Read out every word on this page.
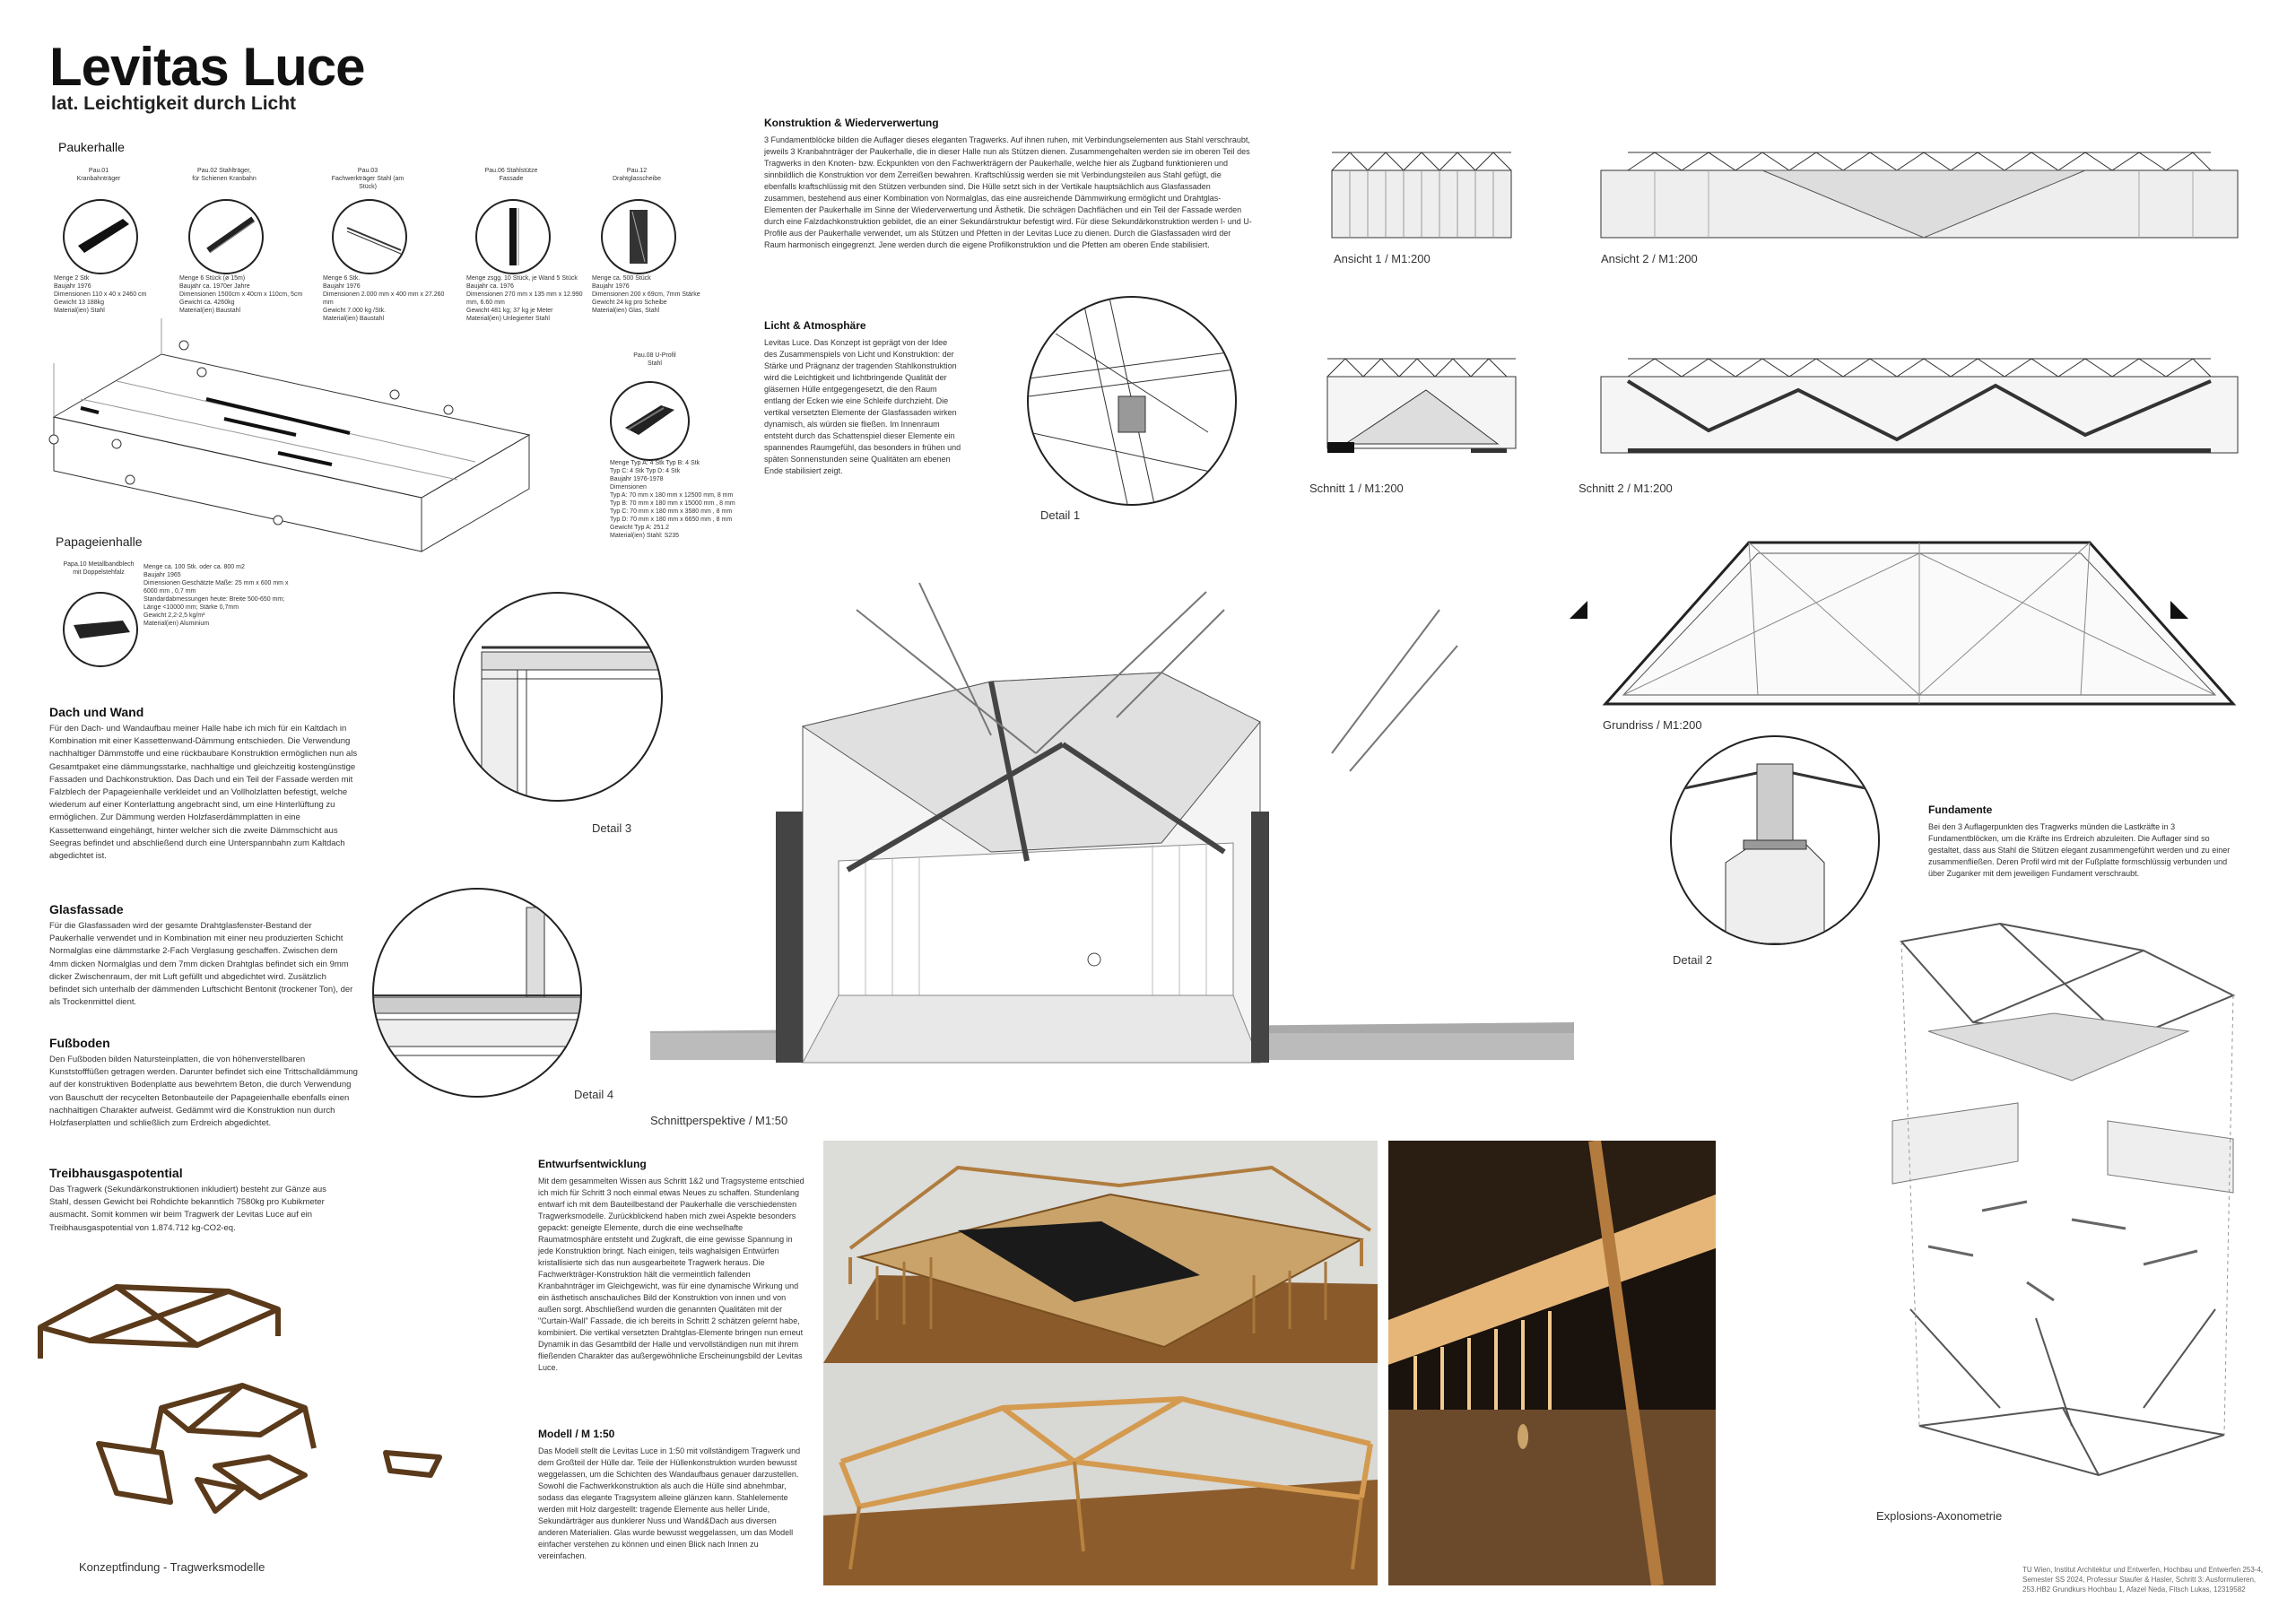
Levitas Luce
lat. Leichtigkeit durch Licht
Paukerhalle
Pau.01
Kranbahnträger
Menge 2 Stk
Baujahr 1976
Dimensionen 110 x 40 x 2460 cm
Gewicht 13 188kg
Material(ien) Stahl
Pau.02 Stahlträger,
für Schienen Kranbahn
Menge 6 Stück (ø 15m)
Baujahr ca. 1970er Jahre
Dimensionen 1500cm x 40cm x 110cm, 5cm
Gewicht ca. 4260kg
Material(ien) Baustahl
Pau.03
Fachwerkträger Stahl (am Stück)
Menge 6 Stk.
Baujahr 1976
Dimensionen 2.000 mm x 400 mm x 27.260 mm
Gewicht 7.000 kg /Stk.
Material(ien) Baustahl
Pau.06 Stahlstütze
Fassade
Menge zsgg. 10 Stück, je Wand 5 Stück
Baujahr ca. 1976
Dimensionen 270 mm x 135 mm x 12.990 mm, 6.60 mm
Gewicht 481 kg; 37 kg je Meter
Material(ien) Unlegierter Stahl
Pau.12
Drahtglasscheibe
Menge ca. 500 Stück
Baujahr 1976
Dimensionen 200 x 69cm, 7mm Stärke
Gewicht 24 kg pro Scheibe
Material(ien) Glas, Stahl
Pau.08 U-Profil
Stahl
Menge Typ A: 4 Stk Typ B: 4 Stk
Typ C: 4 Stk Typ D: 4 Stk
Baujahr 1976-1978
Dimensionen
Typ A: 70 mm x 180 mm x 12500 mm, 8 mm
Typ B: 70 mm x 180 mm x 15000 mm , 8 mm
Typ C: 70 mm x 180 mm x 3580 mm , 8 mm
Typ D: 70 mm x 180 mm x 6650 mm , 8 mm
Gewicht Typ A: 251.2
Material(ien) Stahl: S235
Papageienhalle
Papa.10 Metallbandblech
mit Doppelstehfalz
Menge ca. 100 Stk. oder ca. 800 m2
Baujahr 1965
Dimensionen Geschätzte Maße: 25 mm x 600 mm x
6000 mm , 0,7 mm
Standardabmessungen heute: Breite 500-650 mm;
Länge <10000 mm; Stärke 0,7mm
Gewicht 2,2-2,5 kg/m²
Material(ien) Aluminium
Dach und Wand
Für den Dach- und Wandaufbau meiner Halle habe ich mich für ein Kaltdach in Kombination mit einer Kassettenwand-Dämmung entschieden. Die Verwendung nachhaltiger Dämmstoffe und eine rückbaubare Konstruktion ermöglichen nun als Gesamtpaket eine dämmungsstarke, nachhaltige und gleichzeitig kostengünstige Fassaden und Dachkonstruktion. Das Dach und ein Teil der Fassade werden mit Falzblech der Papageienhalle verkleidet und an Vollholzlatten befestigt, welche wiederum auf einer Konterlattung angebracht sind, um eine Hinterlüftung zu ermöglichen. Zur Dämmung werden Holzfaserdämmplatten in eine Kassettenwand eingehängt, hinter welcher sich die zweite Dämmschicht aus Seegras befindet und abschließend durch eine Unterspannbahn zum Kaltdach abgedichtet ist.
Glasfassade
Für die Glasfassaden wird der gesamte Drahtglasfenster-Bestand der Paukerhalle verwendet und in Kombination mit einer neu produzierten Schicht Normalglas eine dämmstarke 2-Fach Verglasung geschaffen. Zwischen dem 4mm dicken Normalglas und dem 7mm dicken Drahtglas befindet sich ein 9mm dicker Zwischenraum, der mit Luft gefüllt und abgedichtet wird. Zusätzlich befindet sich unterhalb der dämmenden Luftschicht Bentonit (trockener Ton), der als Trockenmittel dient.
Fußboden
Den Fußboden bilden Natursteinplatten, die von höhenverstellbaren Kunststofffüßen getragen werden. Darunter befindet sich eine Trittschalldämmung auf der konstruktiven Bodenplatte aus bewehrtem Beton, die durch Verwendung von Bauschutt der recycelten Betonbauteile der Papageienhalle ebenfalls einen nachhaltigen Charakter aufweist. Gedämmt wird die Konstruktion nun durch Holzfaserplatten und schließlich zum Erdreich abgedichtet.
Treibhausgaspotential
Das Tragwerk (Sekundärkonstruktionen inkludiert) besteht zur Gänze aus Stahl, dessen Gewicht bei Rohdichte bekanntlich 7580kg pro Kubikmeter ausmacht. Somit kommen wir beim Tragwerk der Levitas Luce auf ein Treibhausgaspotential von 1.874.712 kg-CO2-eq.
Konzeptfindung - Tragwerksmodelle
Konstruktion & Wiederverwertung
3 Fundamentblöcke bilden die Auflager dieses eleganten Tragwerks. Auf ihnen ruhen, mit Verbindungselementen aus Stahl verschraubt, jeweils 3 Kranbahnträger der Paukerhalle, die in dieser Halle nun als Stützen dienen. Zusammengehalten werden sie im oberen Teil des Tragwerks in den Knoten- bzw. Eckpunkten von den Fachwerkträgern der Paukerhalle, welche hier als Zugband funktionieren und sinnbildlich die Konstruktion vor dem Zerreißen bewahren. Kraftschlüssig werden sie mit Verbindungsteilen aus Stahl gefügt, die ebenfalls kraftschlüssig mit den Stützen verbunden sind. Die Hülle setzt sich in der Vertikale hauptsächlich aus Glasfassaden zusammen, bestehend aus einer Kombination von Normalglas, das eine ausreichende Dämmwirkung ermöglicht und Drahtglas-Elementen der Paukerhalle im Sinne der Wiederverwertung und Ästhetik. Die schrägen Dachflächen und ein Teil der Fassade werden durch eine Falzdachkonstruktion gebildet, die an einer Sekundärstruktur befestigt wird. Für diese Sekundärkonstruktion werden I- und U-Profile aus der Paukerhalle verwendet, um als Stützen und Pfetten in der Levitas Luce zu dienen. Durch die Glasfassaden wird der Raum harmonisch eingegrenzt. Jene werden durch die eigene Profilkonstruktion und die Pfetten am oberen Ende stabilisiert.
Licht & Atmosphäre
Levitas Luce. Das Konzept ist geprägt von der Idee des Zusammenspiels von Licht und Konstruktion: der Stärke und Prägnanz der tragenden Stahlkonstruktion wird die Leichtigkeit und lichtbringende Qualität der gläsernen Hülle entgegengesetzt, die den Raum entlang der Ecken wie eine Schleife durchzieht. Die vertikal versetzten Elemente der Glasfassaden wirken dynamisch, als würden sie fließen. Im Innenraum entsteht durch das Schattenspiel dieser Elemente ein spannendes Raumgefühl, das besonders in frühen und späten Sonnenstunden seine Qualitäten am ebenen Ende stabilisiert zeigt.
Detail 1
Detail 3
Detail 4
Schnittperspektive / M1:50
Ansicht 1 / M1:200	Ansicht 2 / M1:200
Schnitt 1 / M1:200	Schnitt 2 / M1:200
Grundriss / M1:200
Detail 2
Fundamente
Bei den 3 Auflagerpunkten des Tragwerks münden die Lastkräfte in 3 Fundamentblöcken, um die Kräfte ins Erdreich abzuleiten. Die Auflager sind so gestaltet, dass aus Stahl die Stützen elegant zusammengeführt werden und zu einer zusammenfließen. Deren Profil wird mit der Fußplatte formschlüssig verbunden und über Zuganker mit dem jeweiligen Fundament verschraubt.
Explosions-Axonometrie
TU Wien, Institut Architektur und Entwerfen, Hochbau und Entwerfen 253-4, Semester SS 2024, Professur Staufer & Hasler, Schritt 3: Ausformulieren, 253.HB2 Grundkurs Hochbau 1, Afazel Neda, Fitsch Lukas, 12319582
Entwurfsentwicklung
Mit dem gesammelten Wissen aus Schritt 1&2 und Tragsysteme entschied ich mich für Schritt 3 noch einmal etwas Neues zu schaffen. Stundenlang entwarf ich mit dem Bauteilbestand der Paukerhalle die verschiedensten Tragwerksmodelle. Zurückblickend haben mich zwei Aspekte besonders gepackt: geneigte Elemente, durch die eine wechselhafte Raumatmosphäre entsteht und Zugkraft, die eine gewisse Spannung in jede Konstruktion bringt. Nach einigen, teils waghalsigen Entwürfen kristallisierte sich das nun ausgearbeitete Tragwerk heraus. Die Fachwerkträger-Konstruktion hält die vermeintlich fallenden Kranbahnträger im Gleichgewicht, was für eine dynamische Wirkung und ein ästhetisch anschauliches Bild der Konstruktion von innen und von außen sorgt. Abschließend wurden die genannten Qualitäten mit der "Curtain-Wall" Fassade, die ich bereits in Schritt 2 schätzen gelernt habe, kombiniert. Die vertikal versetzten Drahtglas-Elemente bringen nun erneut Dynamik in das Gesamtbild der Halle und vervollständigen nun mit ihrem fließenden Charakter das außergewöhnliche Erscheinungsbild der Levitas Luce.
Modell / M 1:50
Das Modell stellt die Levitas Luce in 1:50 mit vollständigem Tragwerk und dem Großteil der Hülle dar. Teile der Hüllenkonstruktion wurden bewusst weggelassen, um die Schichten des Wandaufbaus genauer darzustellen. Sowohl die Fachwerkkonstruktion als auch die Hülle sind abnehmbar, sodass das elegante Tragsystem alleine glänzen kann. Stahlelemente werden mit Holz dargestellt: tragende Elemente aus heller Linde, Sekundärträger aus dunklerer Nuss und Wand&Dach aus diversen anderen Materialien. Glas wurde bewusst weggelassen, um das Modell einfacher verstehen zu können und einen Blick nach Innen zu vereinfachen.
